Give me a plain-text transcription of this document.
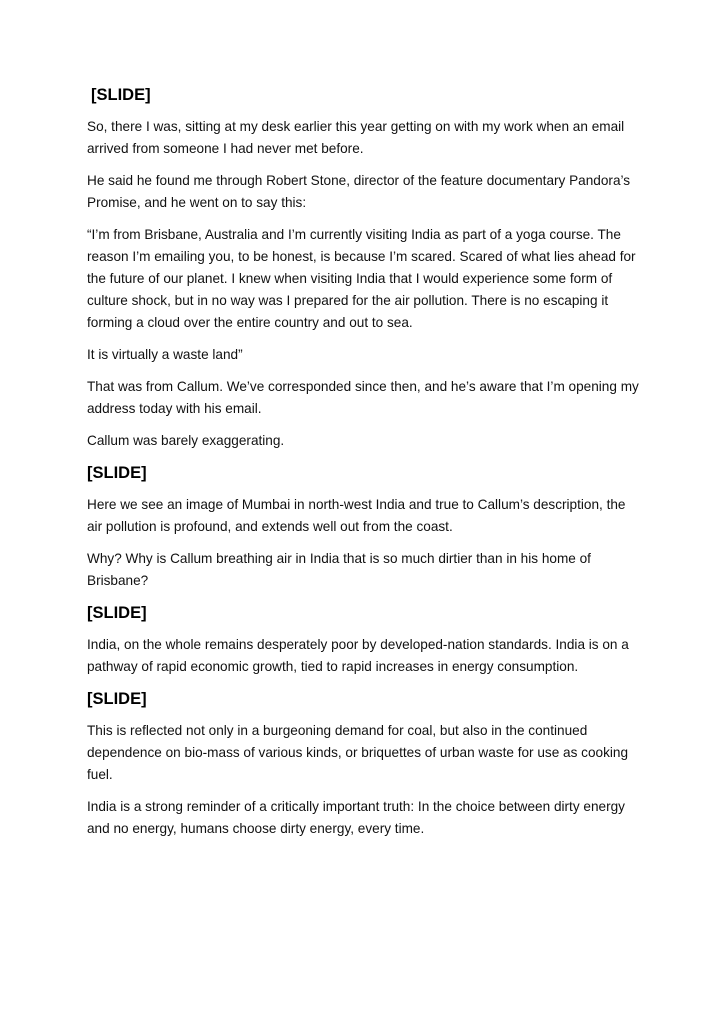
[SLIDE]

So, there I was, sitting at my desk earlier this year getting on with my work when an email arrived from someone I had never met before.

He said he found me through Robert Stone, director of the feature documentary Pandora’s Promise, and he went on to say this:

“I’m from Brisbane, Australia and I’m currently visiting India as part of a yoga course. The reason I’m emailing you, to be honest, is because I’m scared. Scared of what lies ahead for the future of our planet. I knew when visiting India that I would experience some form of culture shock, but in no way was I prepared for the air pollution. There is no escaping it forming a cloud over the entire country and out to sea.

It is virtually a waste land”

That was from Callum. We’ve corresponded since then, and he’s aware that I’m opening my address today with his email.

Callum was barely exaggerating.

[SLIDE]

Here we see an image of Mumbai in north-west India and true to Callum’s description, the air pollution is profound, and extends well out from the coast.

Why? Why is Callum breathing air in India that is so much dirtier than in his home of Brisbane?

[SLIDE]

India, on the whole remains desperately poor by developed-nation standards. India is on a pathway of rapid economic growth, tied to rapid increases in energy consumption.

[SLIDE]

This is reflected not only in a burgeoning demand for coal, but also in the continued dependence on bio-mass of various kinds, or briquettes of urban waste for use as cooking fuel.

India is a strong reminder of a critically important truth: In the choice between dirty energy and no energy, humans choose dirty energy, every time.
